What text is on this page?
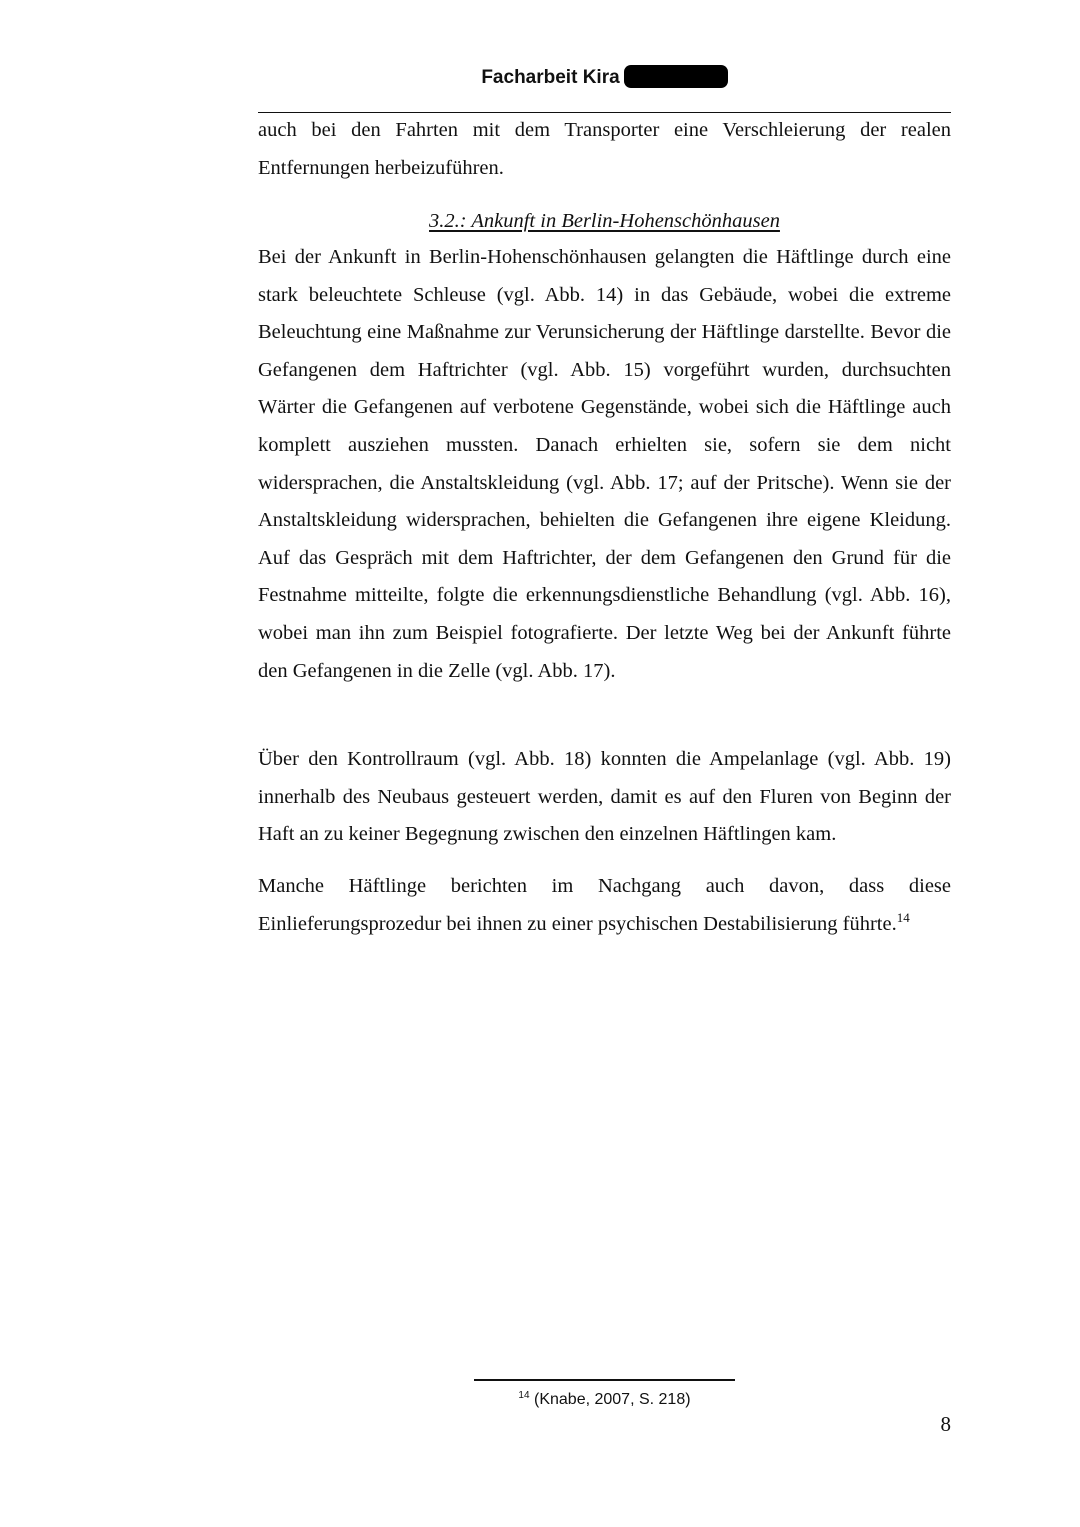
Facharbeit Kira

auch bei den Fahrten mit dem Transporter eine Verschleierung der realen Entfernungen herbeizuführen.

3.2.: Ankunft in Berlin-Hohenschönhausen

Bei der Ankunft in Berlin-Hohenschönhausen gelangten die Häftlinge durch eine stark beleuchtete Schleuse (vgl. Abb. 14) in das Gebäude, wobei die extreme Beleuchtung eine Maßnahme zur Verunsicherung der Häftlinge darstellte. Bevor die Gefangenen dem Haftrichter (vgl. Abb. 15) vorgeführt wurden, durchsuchten Wärter die Gefangenen auf verbotene Gegenstände, wobei sich die Häftlinge auch komplett ausziehen mussten. Danach erhielten sie, sofern sie dem nicht widersprachen, die Anstaltskleidung (vgl. Abb. 17; auf der Pritsche). Wenn sie der Anstaltskleidung widersprachen, behielten die Gefangenen ihre eigene Kleidung. Auf das Gespräch mit dem Haftrichter, der dem Gefangenen den Grund für die Festnahme mitteilte, folgte die erkennungsdienstliche Behandlung (vgl. Abb. 16), wobei man ihn zum Beispiel fotografierte. Der letzte Weg bei der Ankunft führte den Gefangenen in die Zelle (vgl. Abb. 17).

Über den Kontrollraum (vgl. Abb. 18) konnten die Ampelanlage (vgl. Abb. 19) innerhalb des Neubaus gesteuert werden, damit es auf den Fluren von Beginn der Haft an zu keiner Begegnung zwischen den einzelnen Häftlingen kam.

Manche Häftlinge berichten im Nachgang auch davon, dass diese Einlieferungsprozedur bei ihnen zu einer psychischen Destabilisierung führte.$^{14}$

$^{14}$ (Knabe, 2007, S. 218)
8
